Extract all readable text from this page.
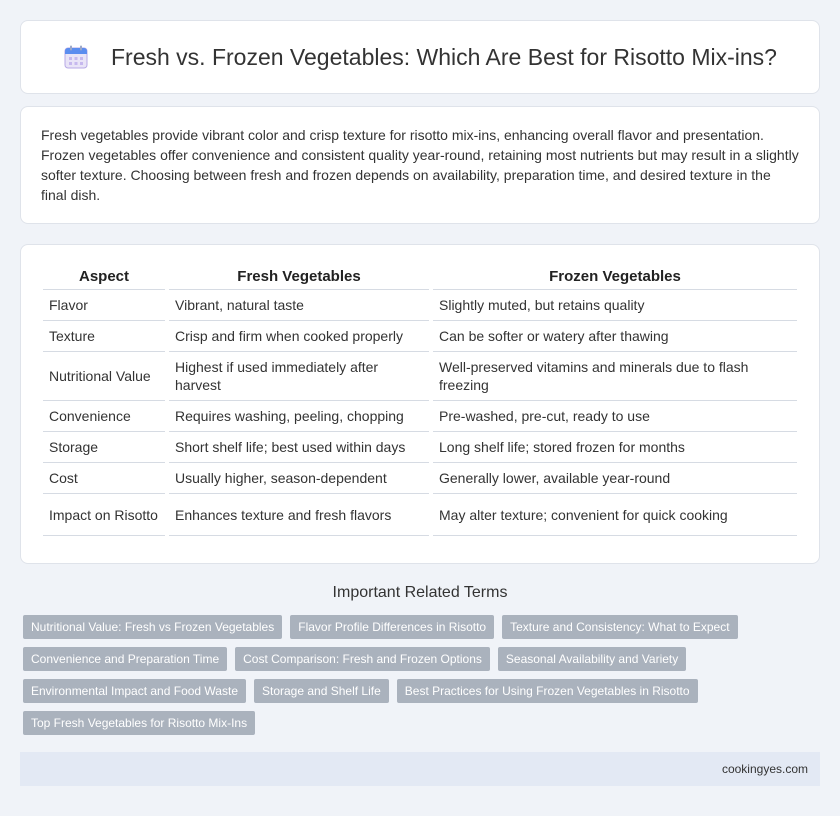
Fresh vs. Frozen Vegetables: Which Are Best for Risotto Mix-ins?

Fresh vegetables provide vibrant color and crisp texture for risotto mix-ins, enhancing overall flavor and presentation. Frozen vegetables offer convenience and consistent quality year-round, retaining most nutrients but may result in a slightly softer texture. Choosing between fresh and frozen depends on availability, preparation time, and desired texture in the final dish.

Aspect	Fresh Vegetables	Frozen Vegetables
Flavor	Vibrant, natural taste	Slightly muted, but retains quality
Texture	Crisp and firm when cooked properly	Can be softer or watery after thawing
Nutritional Value	Highest if used immediately after harvest	Well-preserved vitamins and minerals due to flash freezing
Convenience	Requires washing, peeling, chopping	Pre-washed, pre-cut, ready to use
Storage	Short shelf life; best used within days	Long shelf life; stored frozen for months
Cost	Usually higher, season-dependent	Generally lower, available year-round
Impact on Risotto	Enhances texture and fresh flavors	May alter texture; convenient for quick cooking
Important Related Terms
Nutritional Value: Fresh vs Frozen Vegetables	Flavor Profile Differences in Risotto	Texture and Consistency: What to Expect
Convenience and Preparation Time	Cost Comparison: Fresh and Frozen Options	Seasonal Availability and Variety
Environmental Impact and Food Waste	Storage and Shelf Life	Best Practices for Using Frozen Vegetables in Risotto
Top Fresh Vegetables for Risotto Mix-Ins
cookingyes.com
